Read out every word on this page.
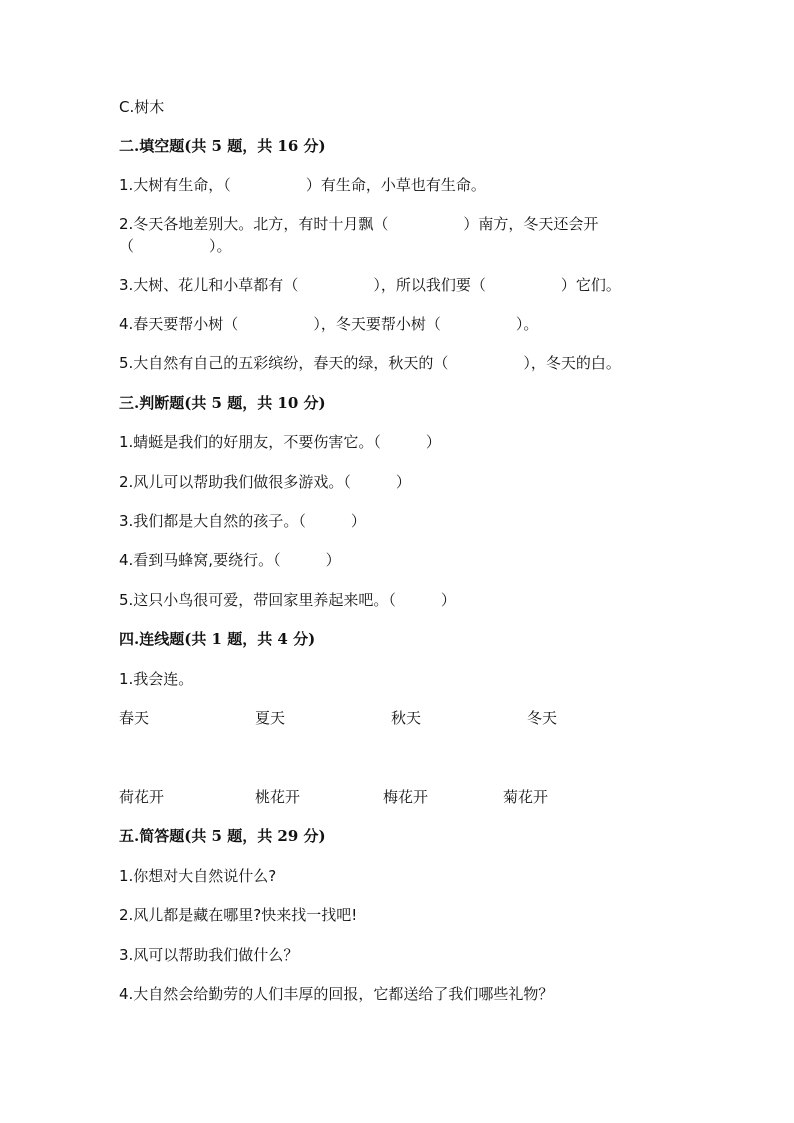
C.树木
二.填空题(共 5 题，共 16 分)
1.大树有生命，（　　　　　）有生命，小草也有生命。
2.冬天各地差别大。北方，有时十月飘（　　　　　）南方，冬天还会开
（　　　　　）。
3.大树、花儿和小草都有（　　　　　），所以我们要（　　　　　）它们。
4.春天要帮小树（　　　　　），冬天要帮小树（　　　　　）。
5.大自然有自己的五彩缤纷，春天的绿，秋天的（　　　　　），冬天的白。
三.判断题(共 5 题，共 10 分)
1.蜻蜓是我们的好朋友，不要伤害它。（　　　）
2.风儿可以帮助我们做很多游戏。（　　　）
3.我们都是大自然的孩子。（　　　）
4.看到马蜂窝,要绕行。（　　　）
5.这只小鸟很可爱，带回家里养起来吧。（　　　）
四.连线题(共 1 题，共 4 分)
1.我会连。
春天	夏天	秋天	冬天
荷花开	桃花开	梅花开	菊花开
五.简答题(共 5 题，共 29 分)
1.你想对大自然说什么?
2.风儿都是藏在哪里?快来找一找吧!
3.风可以帮助我们做什么？
4.大自然会给勤劳的人们丰厚的回报，它都送给了我们哪些礼物？
